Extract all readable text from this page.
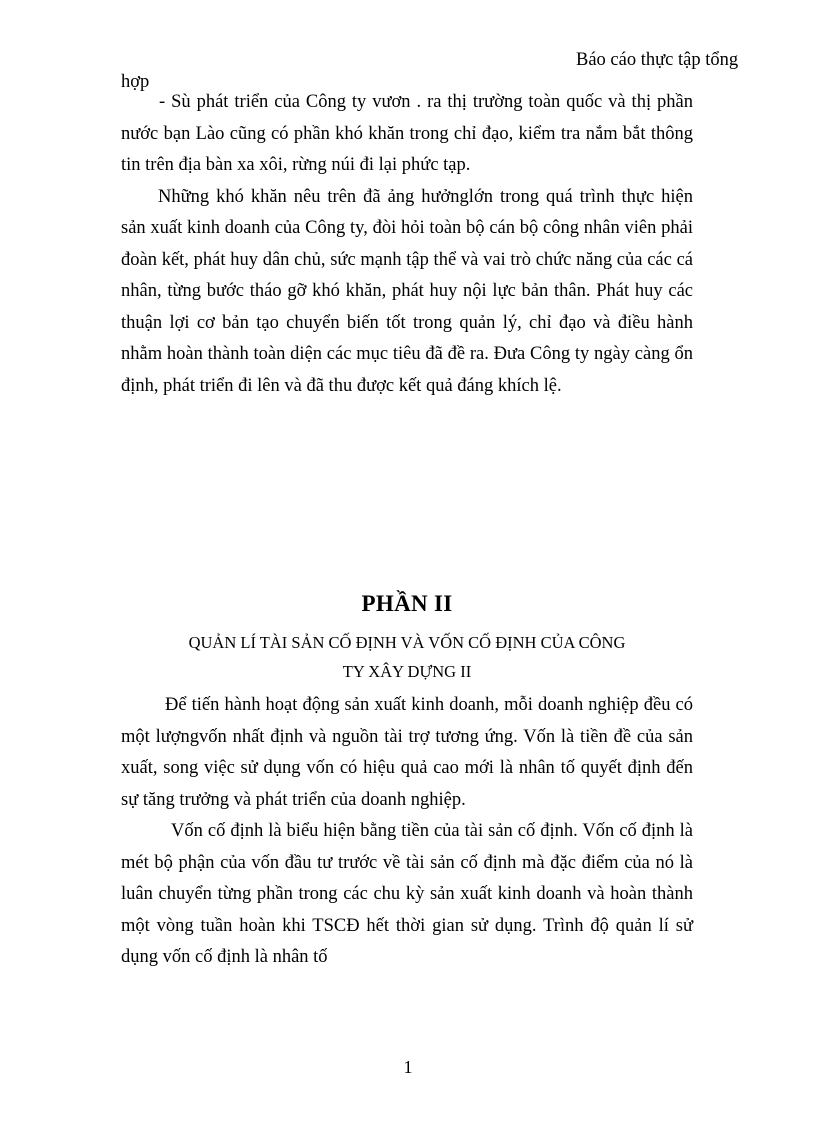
Báo cáo thực tập tổng
hợp

- Sù phát triển của Công ty vươn . ra thị trường toàn quốc và thị phần nước bạn Lào cũng có phần khó khăn trong chỉ đạo, kiểm tra nắm bắt thông tin trên địa bàn xa xôi, rừng núi đi lại phức tạp.

Những khó khăn nêu trên đã ảng hưởnglớn trong quá trình thực hiện sản xuất kinh doanh của Công ty, đòi hỏi toàn bộ cán bộ công nhân viên phải đoàn kết, phát huy dân chủ, sức mạnh tập thể và vai trò chức năng của các cá nhân, từng bước tháo gỡ khó khăn, phát huy nội lực bản thân. Phát huy các thuận lợi cơ bản tạo chuyển biến tốt trong quản lý, chỉ đạo và điều hành nhằm hoàn thành toàn diện các mục tiêu đã đề ra. Đưa Công ty ngày càng ổn định, phát triển đi lên và đã thu được kết quả đáng khích lệ.

PHẦN II
QUẢN LÍ TÀI SẢN CỐ ĐỊNH VÀ VỐN CỐ ĐỊNH CỦA CÔNG
TY XÂY DỰNG II

Để tiến hành hoạt động sản xuất kinh doanh, mỗi doanh nghiệp đều có một lượngvốn nhất định và nguồn tài trợ tương ứng. Vốn là tiền đề của sản xuất, song việc sử dụng vốn có hiệu quả cao mới là nhân tố quyết định đến sự tăng trưởng và phát triển của doanh nghiệp.

Vốn cố định là biểu hiện bằng tiền của tài sản cố định. Vốn cố định là mét bộ phận của vốn đầu tư trước về tài sản cố định mà đặc điểm của nó là luân chuyển từng phần trong các chu kỳ sản xuất kinh doanh và hoàn thành một vòng tuần hoàn khi TSCĐ hết thời gian sử dụng. Trình độ quản lí sử dụng vốn cố định là nhân tố

1
